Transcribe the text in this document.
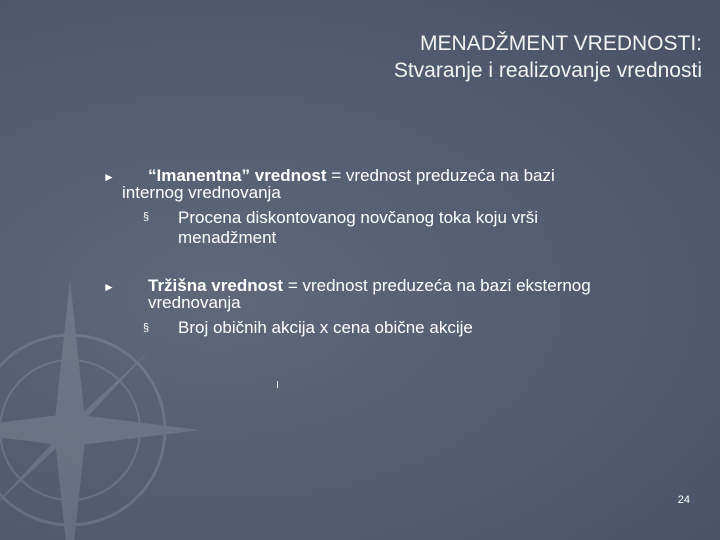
MENADŽMENT VREDNOSTI:
Stvaranje i realizovanje vrednosti
►	“Imanentna” vrednost = vrednost preduzeća na bazi
internog vrednovanja
§ Procena diskontovanog novčanog toka koju vrši
menadžment
► Tržišna vrednost = vrednost preduzeća na bazi eksternog
vrednovanja
§ Broj običnih akcija x cena obične akcije
24
